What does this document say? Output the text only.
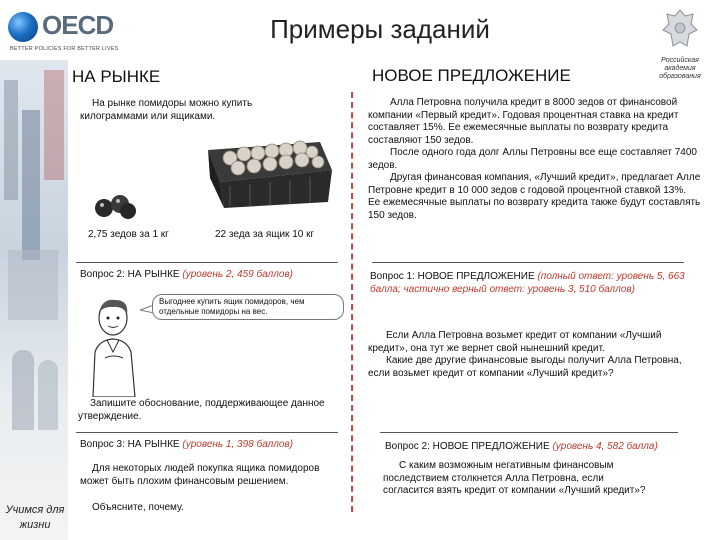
OECD
BETTER POLICIES FOR BETTER LIVES
Примеры заданий
Российская
академия
образования
НА РЫНКЕ
На рынке помидоры можно купить килограммами или ящиками.
2,75 зедов за 1 кг	22 зеда за ящик 10 кг
Вопрос 2: НА РЫНКЕ (уровень 2, 459 баллов)
Выгоднее купить ящик помидоров, чем отдельные помидоры на вес.
Запишите обоснование, поддерживающее данное утверждение.
Вопрос 3: НА РЫНКЕ (уровень 1, 398 баллов)
Для некоторых людей покупка ящика помидоров может быть плохим финансовым решением.
Объясните, почему.
Учимся для
жизни
НОВОЕ ПРЕДЛОЖЕНИЕ
Алла Петровна получила кредит в 8000 зедов от финансовой компании «Первый кредит». Годовая процентная ставка на кредит составляет 15%. Ее ежемесячные выплаты по возврату кредита составляют 150 зедов.
После одного года долг Аллы Петровны все еще составляет 7400 зедов.
Другая финансовая компания, «Лучший кредит», предлагает Алле Петровне кредит в 10 000 зедов с годовой процентной ставкой 13%.
Ее ежемесячные выплаты по возврату кредита также будут составлять 150 зедов.
Вопрос 1: НОВОЕ ПРЕДЛОЖЕНИЕ (полный ответ: уровень 5, 663 балла; частично верный ответ: уровень 3, 510 баллов)
Если Алла Петровна возьмет кредит от компании «Лучший кредит», она тут же вернет свой нынешний кредит.
Какие две другие финансовые выгоды получит Алла Петровна, если возьмет кредит от компании «Лучший кредит»?
Вопрос 2: НОВОЕ ПРЕДЛОЖЕНИЕ (уровень 4, 582 балла)
С каким возможным негативным финансовым последствием столкнется Алла Петровна, если согласится взять кредит от компании «Лучший кредит»?
